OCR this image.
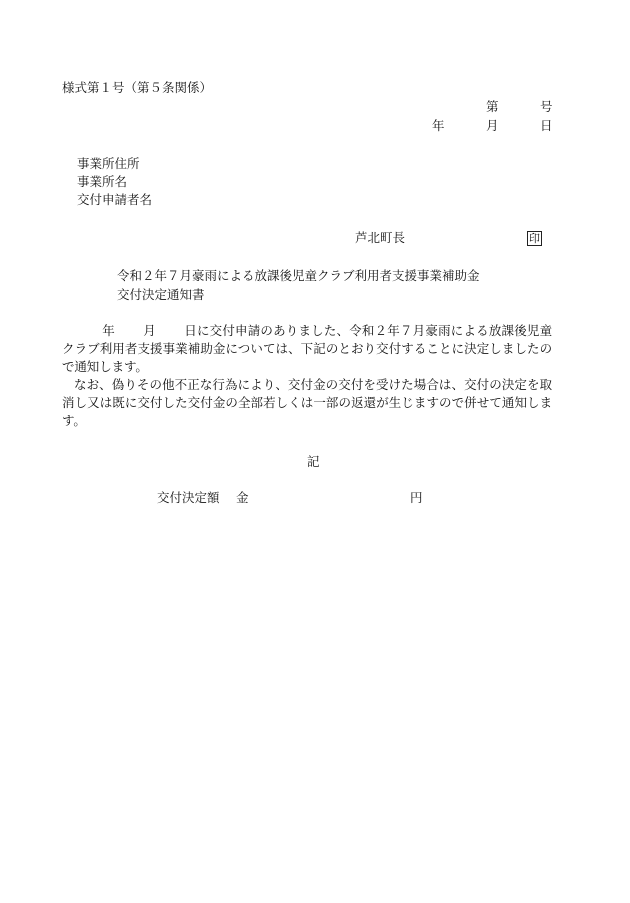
様式第１号（第５条関係）
第	号
年	月	日
事業所住所
事業所名
交付申請者名
芦北町長	印
令和２年７月豪雨による放課後児童クラブ利用者支援事業補助金
交付決定通知書
年 月 日に交付申請のありました、令和２年７月豪雨による放課後児童クラブ利用者支援事業補助金については、下記のとおり交付することに決定しましたので通知します。
なお、偽りその他不正な行為により、交付金の交付を受けた場合は、交付の決定を取消し又は既に交付した交付金の全部若しくは一部の返還が生じますので併せて通知します。
記
交付決定額 金	円
